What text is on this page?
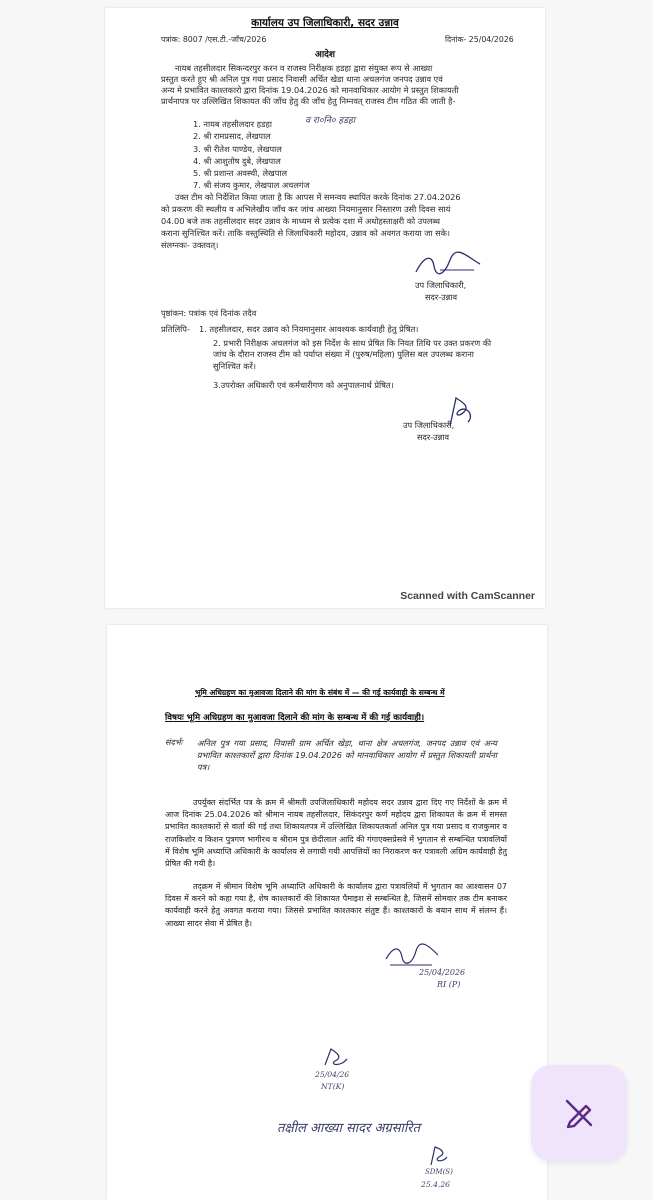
कार्यालय उप जिलाधिकारी, सदर उन्नाव
पत्रांक: 8007 /एस.टी.-जाँच/2026	दिनांक- 25/04/2026
आदेश
नायब तहसीलदार सिकन्दरपुर करन व राजस्व निरीक्षक हडहा द्वारा संयुक्त रूप से आख्या
प्रस्तुत करते हुए श्री अनिल पुत्र गया प्रसाद निवासी अर्चित खेडा थाना अचलगंज जनपद उन्नाव एवं
अन्य मे प्रभावित काश्तकारो द्वारा दिनांक 19.04.2026 को मानवाधिकार आयोग मे प्रस्तुत शिकायती
प्रार्थनापत्र पर उल्लिखित शिकायत की जाँच हेतु की जाँच हेतु निम्नवत् राजस्व टीम गठित की जाती है-
1. नायब तहसीलदार हडहा
2. श्री रामप्रसाद, लेखपाल
3. श्री रीतेश पाण्डेय, लेखपाल
4. श्री आशुतोष दुबे, लेखपाल
5. श्री प्रशान्त अवस्थी, लेखपाल
7. श्री संजय कुमार, लेखपाल अचलगंज
व रा०नि० हडहा
उक्त टीम को निर्देशित किया जाता है कि आपस में समन्वय स्थापित करके दिनांक 27.04.2026
को प्रकरण की स्थलीय व अभिलेखीय जाँच कर जांच आख्या नियमानुसार निस्तारण उसी दिवस सायं
04.00 बजे तक तहसीलदार सदर उन्नाव के माध्यम से प्रत्येक दशा में अधोहस्ताक्षरी को उपलब्ध
कराना सुनिश्चित करें। ताकि वस्तुस्थिति से जिलाधिकारी महोदय, उन्नाव को अवगत कराया जा सके।
संलग्नकः- उक्तवत्।
उप जिलाधिकारी,
सदर-उन्नाव
पृष्ठांकन: पत्रांक एवं दिनांक तदैव
प्रतिलिपि- 1. तहसीलदार, सदर उन्नाव को नियमानुसार आवश्यक कार्यवाही हेतु प्रेषित।
2. प्रभारी निरीक्षक अचलगंज को इस निर्देश के साथ प्रेषित कि नियत तिथि पर उक्त प्रकरण की जांच के दौरान राजस्व टीम को पर्याप्त संख्या में (पुरुष/महिला) पुलिस बल उपलब्ध कराना सुनिश्चित करें।
3.उपरोक्त अधिकारी एवं कर्मचारीगण को अनुपालनार्थ प्रेषित।
उप जिलाधिकारी,
सदर-उन्नाव
Scanned with CamScanner
भूमि अधिग्रहण का मुआवजा दिलाने की मांग के संबंध में — की गई कार्यवाही के सम्बन्ध में
विषयः भूमि अधिग्रहण का मुआवजा दिलाने की मांग के सम्बन्ध में की गई कार्यवाही।
संदर्भः अनिल पुत्र गया प्रसाद, निवासी ग्राम अर्चित खेड़ा, थाना क्षेत्र अचलगंज, जनपद उन्नाव एवं अन्य प्रभावित काश्तकारों द्वारा दिनांक 19.04.2026 को मानवाधिकार आयोग में प्रस्तुत शिकायती प्रार्थना पत्र।
उपर्युक्त संदर्भित पत्र के क्रम में श्रीमती उपजिलाधिकारी महोदय सदर उन्नाव द्वारा दिए गए निर्देशों के क्रम में आज दिनांक 25.04.2026 को श्रीमान नायब तहसीलदार, सिकंदरपुर कर्ण महोदय द्वारा शिकायत के क्रम में समस्त प्रभावित काश्तकारों से वार्ता की गई तथा शिकायतपत्र में उल्लिखित शिकायतकर्ता अनिल पुत्र गया प्रसाद व राजकुमार व राजकिशोर व किशन पुत्रगण भागीरथ व श्रीराम पुत्र छेदीलाल आदि की गंगाएक्सप्रेसवे में भुगतान से सम्बन्धित पत्रावलियों में विशेष भूमि अध्याप्ति अधिकारी के कार्यालय से लगायी गयी आपत्तियों का निराकरण कर पत्रावली अग्रिम कार्यवाही हेतु प्रेषित की गयी है।
तद्क्रम में श्रीमान विशेष भूमि अध्याप्ति अधिकारी के कार्यालय द्वारा पत्रावलियों में भुगतान का आश्वासन 07 दिवस में करने को कहा गया है, शेष काश्तकारों की शिकायत पैमाइश से सम्बन्धित है, जिसमें सोमवार तक टीम बनाकर कार्यवाही करने हेतु अवगत कराया गया। जिससे प्रभावित काश्तकार संतुष्ट हैं। काश्तकारों के बयान साथ में संलग्न हैं। आख्या सादर सेवा में प्रेषित है।
25/04/2026
RI (P)
25/04/26
NT(K)
तक्षील आख्या सादर अग्रसारित
SDM(S)
25.4.26
